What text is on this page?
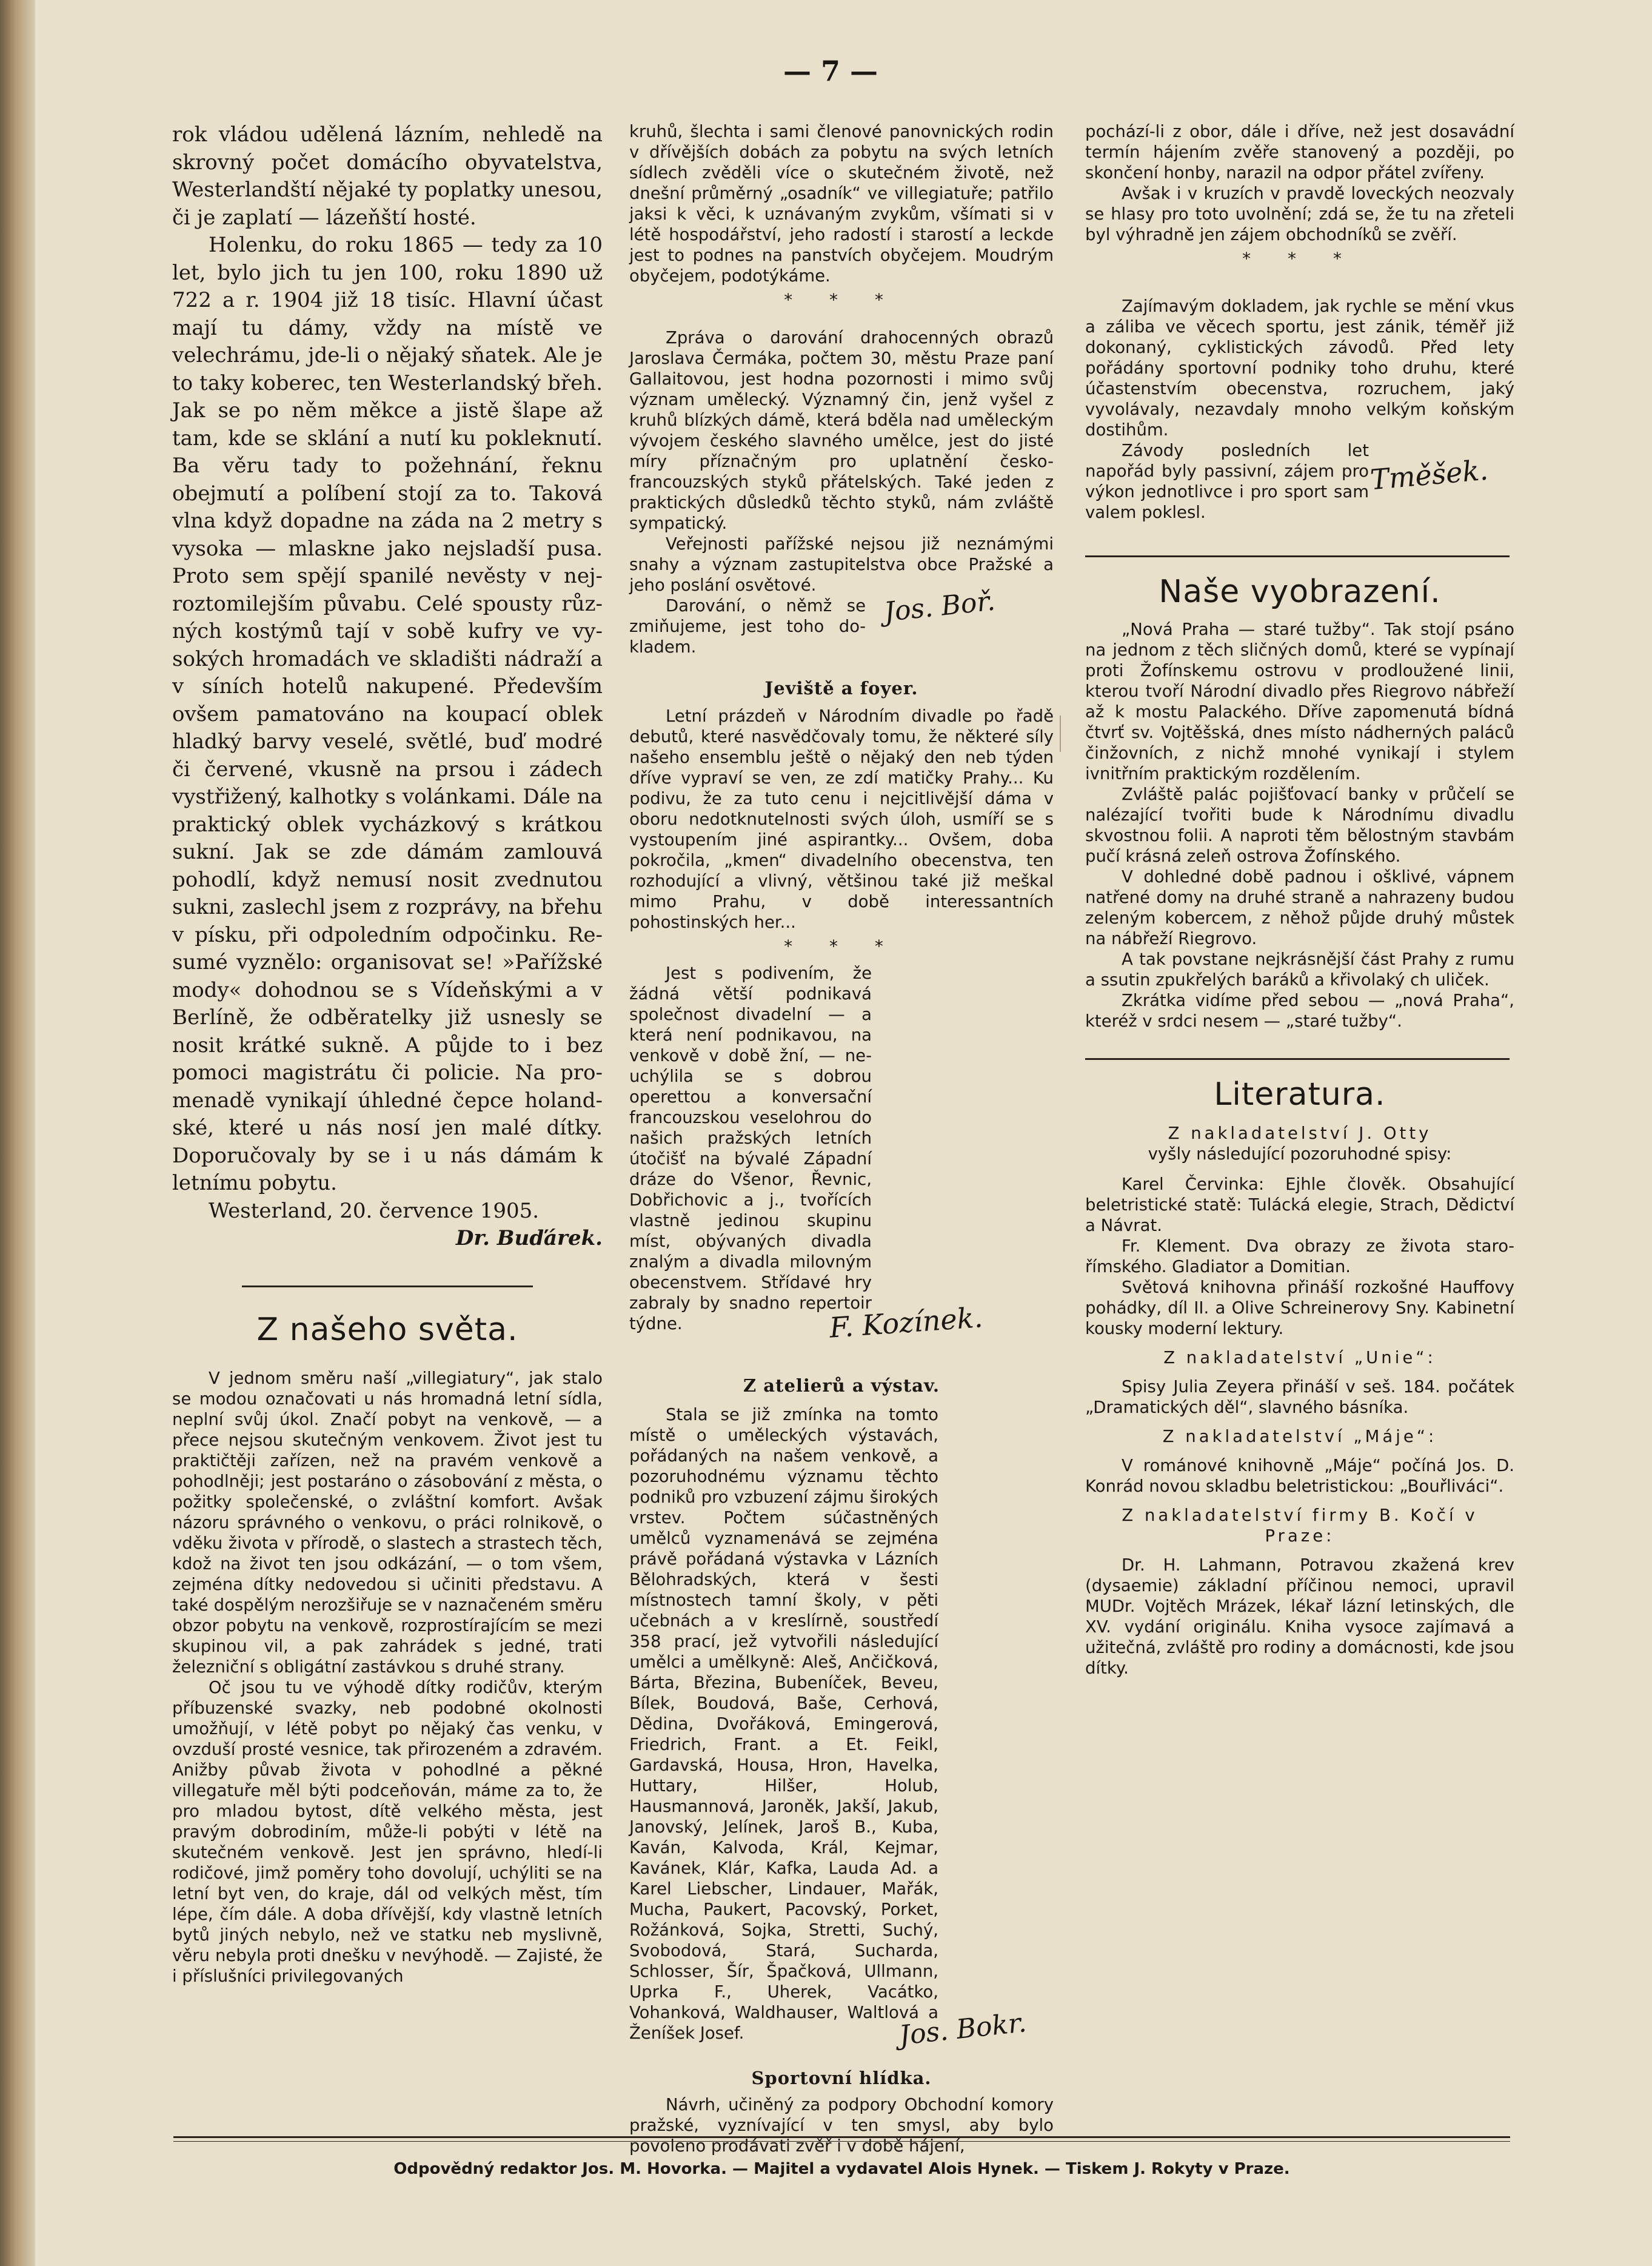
— 7 —

rok vládou udělená lázním, nehledě na skrovný počet domácího obyvatelstva, Westerlandští nějaké ty poplatky unesou, či je zaplatí — lázeňští hosté.

Holenku, do roku 1865 — tedy za 10 let, bylo jich tu jen 100, roku 1890 už 722 a r. 1904 již 18 tisíc. Hlavní účast mají tu dámy, vždy na místě ve velechrámu, jde-li o nějaký sňatek. Ale je to taky koberec, ten Westerlandský břeh. Jak se po něm měkce a jistě šlape až tam, kde se sklání a nutí ku pokleknutí. Ba věru tady to požehnání, řeknu obejmutí a políbení stojí za to. Taková vlna když dopadne na záda na 2 metry s vysoka — mlaskne jako nejsladší pusa. Proto sem spějí spanilé nevěsty v nejroztomilejším půvabu. Celé spousty různých kostýmů tají v sobě kufry ve vysokých hromadách ve skladišti nádraží a v síních hotelů nakupené. Především ovšem pamatováno na koupací oblek hladký barvy veselé, světlé, buď modré či červené, vkusně na prsou i zádech vystřižený, kalhotky s volánkami. Dále na praktický oblek vycházkový s krátkou sukní. Jak se zde dámám zamlouvá pohodlí, když nemusí nosit zvednutou sukni, zaslechl jsem z rozprávy, na břehu v písku, při odpoledním odpočinku. Resumé vyznělo: organisovat se! »Pařížské mody« dohodnou se s Vídeňskými a v Berlíně, že odběratelky již usnesly se nosit krátké sukně. A půjde to i bez pomoci magistrátu či policie. Na promenadě vynikají úhledné čepce holandské, které u nás nosí jen malé dítky. Doporučovaly by se i u nás dámám k letnímu pobytu.

Westerland, 20. července 1905.

Dr. Buďárek.

Z našeho světa.

V jednom směru naší „villegiatury“, jak stalo se modou označovati u nás hromadná letní sídla, neplní svůj úkol. Značí pobyt na venkově, — a přece nejsou skutečným venkovem. Život jest tu praktičtěji zařízen, než na pravém venkově a pohodlněji; jest postaráno o zásobování z města, o požitky společenské, o zvláštní komfort. Avšak názoru správného o venkovu, o práci rolnikově, o vděku života v přírodě, o slastech a strastech těch, kdož na život ten jsou odkázání, — o tom všem, zejména dítky nedovedou si učiniti představu. A také dospělým nerozšiřuje se v naznačeném směru obzor pobytu na venkově, rozprostírajícím se mezi skupinou vil, a pak zahrádek s jedné, trati železniční s obligátní zastávkou s druhé strany.

Oč jsou tu ve výhodě dítky rodičův, kterým příbuzenské svazky, neb podobné okolnosti umožňují, v létě pobyt po nějaký čas venku, v ovzduší prosté vesnice, tak přirozeném a zdravém. Anižby půvab života v pohodlné a pěkné villegatuře měl býti podceňován, máme za to, že pro mladou bytost, dítě velkého města, jest pravým dobrodiním, může-li pobýti v létě na skutečném venkově. Jest jen správno, hledí-li rodičové, jimž poměry toho dovolují, uchýliti se na letní byt ven, do kraje, dál od velkých měst, tím lépe, čím dále. A doba dřívější, kdy vlastně letních bytů jiných nebylo, než ve statku neb myslivně, věru nebyla proti dnešku v nevýhodě. — Zajisté, že i příslušníci privilegovaných

kruhů, šlechta i sami členové panovnických rodin v dřívějších dobách za pobytu na svých letních sídlech zvěděli více o skutečném životě, než dnešní průměrný „osadník“ ve villegiatuře; patřilo jaksi k věci, k uznávaným zvykům, všímati si v létě hospodářství, jeho radostí i starostí a leckde jest to podnes na panstvích obyčejem. Moudrým obyčejem, podotýkáme.

* * *

Zpráva o darování drahocenných obrazů Jaroslava Čermáka, počtem 30, městu Praze paní Gallaitovou, jest hodna pozornosti i mimo svůj význam umělecký. Významný čin, jenž vyšel z kruhů blízkých dámě, která bděla nad uměleckým vývojem českého slavného umělce, jest do jisté míry příznačným pro uplatnění česko-francouzských styků přátelských. Také jeden z praktických důsledků těchto styků, nám zvláště sympatický.

Veřejnosti pařížské nejsou již neznámými snahy a význam zastupitelstva obce Pražské a jeho poslání osvětové.

Darování, o němž se zmiňujeme, jest toho dokladem.

Jos. Boř.
Jeviště a foyer.

Letní prázdeň v Národním divadle po řadě debutů, které nasvědčovaly tomu, že některé síly našeho ensemblu ještě o nějaký den neb týden dříve vypraví se ven, ze zdí matičky Prahy... Ku podivu, že za tuto cenu i nejcitlivější dáma v oboru nedotknutelnosti svých úloh, usmíří se s vystoupením jiné aspirantky... Ovšem, doba pokročila, „kmen“ divadelního obecenstva, ten rozhodující a vlivný, většinou také již meškal mimo Prahu, v době interessantních pohostinských her...

* * *

Jest s podivením, že žádná větší podnikavá společnost divadelní — a která není podnikavou, na venkově v době žní, — neuchýlila se s dobrou operettou a konversační francouzskou veselohrou do našich pražských letních útočišť na bývalé Západní dráze do Všenor, Řevnic, Dobřichovic a j., tvořících vlastně jedinou skupinu míst, obývaných divadla znalým a divadla milovným obecenstvem. Střídavé hry zabraly by snadno repertoir týdne.	F. Kozínek.
Z atelierů a výstav.

Stala se již zmínka na tomto místě o uměleckých výstavách, pořádaných na našem venkově, a pozoruhodnému významu těchto podniků pro vzbuzení zájmu širokých vrstev. Počtem súčastněných umělců vyznamenává se zejména právě pořádaná výstavka v Lázních Bělohradských, která v šesti místnostech tamní školy, v pěti učebnách a v kreslírně, soustředí 358 prací, jež vytvořili následující umělci a umělkyně: Aleš, Ančičková, Bárta, Březina, Bubeníček, Beveu, Bílek, Boudová, Baše, Cerhová, Dědina, Dvořáková, Emingerová, Friedrich, Frant. a Et. Feikl, Gardavská, Housa, Hron, Havelka, Huttary, Hilšer, Holub, Hausmannová, Jaroněk, Jakší, Jakub, Janovský, Jelínek, Jaroš B., Kuba, Kaván, Kalvoda, Král, Kejmar, Kavánek, Klár, Kafka, Lauda Ad. a Karel Liebscher, Lindauer, Mařák, Mucha, Paukert, Pacovský, Porket, Rožánková, Sojka, Stretti, Suchý, Svobodová, Stará, Sucharda, Schlosser, Šír, Špačková, Ullmann, Uprka F., Uherek, Vacátko, Vohanková, Waldhauser, Waltlová a Ženíšek Josef.	Jos. Bokr.
Sportovní hlídka.

Návrh, učiněný za podpory Obchodní komory pražské, vyznívající v ten smysl, aby bylo povoleno prodávati zvěř i v době hájení,

pochází-li z obor, dále i dříve, než jest dosavádní termín hájením zvěře stanovený a později, po skončení honby, narazil na odpor přátel zvířeny.

Avšak i v kruzích v pravdě loveckých neozvaly se hlasy pro toto uvolnění; zdá se, že tu na zřeteli byl výhradně jen zájem obchodníků se zvěří.

* * *

Zajímavým dokladem, jak rychle se mění vkus a záliba ve věcech sportu, jest zánik, téměř již dokonaný, cyklistických závodů. Před lety pořádány sportovní podniky toho druhu, které účastenstvím obecenstva, rozruchem, jaký vyvolávaly, nezavdaly mnoho velkým koňským dostihům.

Závody posledních let napořád byly passivní, zájem pro výkon jednotlivce i pro sport sam valem poklesl.

Tměšek.
Naše vyobrazení.

„Nová Praha — staré tužby“. Tak stojí psáno na jednom z těch sličných domů, které se vypínají proti Žofínskemu ostrovu v prodloužené linii, kterou tvoří Národní divadlo přes Riegrovo nábřeží až k mostu Palackého. Dříve zapomenutá bídná čtvrť sv. Vojtěšská, dnes místo nádherných paláců činžovních, z nichž mnohé vynikají i stylem ivnitřním praktickým rozdělením.

Zvláště palác pojišťovací banky v průčelí se nalézající tvořiti bude k Národnímu divadlu skvostnou folii. A naproti těm bělostným stavbám pučí krásná zeleň ostrova Žofínského.

V dohledné době padnou i ošklivé, vápnem natřené domy na druhé straně a nahrazeny budou zeleným kobercem, z něhož půjde druhý můstek na nábřeží Riegrovo.

A tak povstane nejkrásnější část Prahy z rumu a ssutin zpukřelých baráků a křivolaký ch uliček.

Zkrátka vidíme před sebou — „nová Praha“, kteréž v srdci nesem — „staré tužby“.

Literatura.

Z nakladatelství J. Otty

vyšly následující pozoruhodné spisy:

Karel Červinka: Ejhle člověk. Obsahující beletristické statě: Tulácká elegie, Strach, Dědictví a Návrat.

Fr. Klement. Dva obrazy ze života starořímského. Gladiator a Domitian.

Světová knihovna přináší rozkošné Hauffovy pohádky, díl II. a Olive Schreinerovy Sny. Kabinetní kousky moderní lektury.

Z nakladatelství „Unie“:

Spisy Julia Zeyera přináší v seš. 184. počátek „Dramatických děl“, slavného básníka.

Z nakladatelství „Máje“:

V románové knihovně „Máje“ počíná Jos. D. Konrád novou skladbu beletristickou: „Bouřliváci“.

Z nakladatelství firmy B. Kočí v Praze:

Dr. H. Lahmann, Potravou zkažená krev (dysaemie) základní příčinou nemoci, upravil MUDr. Vojtěch Mrázek, lékař lázní letinských, dle XV. vydání originálu. Kniha vysoce zajímavá a užitečná, zvláště pro rodiny a domácnosti, kde jsou dítky.

Odpovědný redaktor Jos. M. Hovorka. — Majitel a vydavatel Alois Hynek. — Tiskem J. Rokyty v Praze.
